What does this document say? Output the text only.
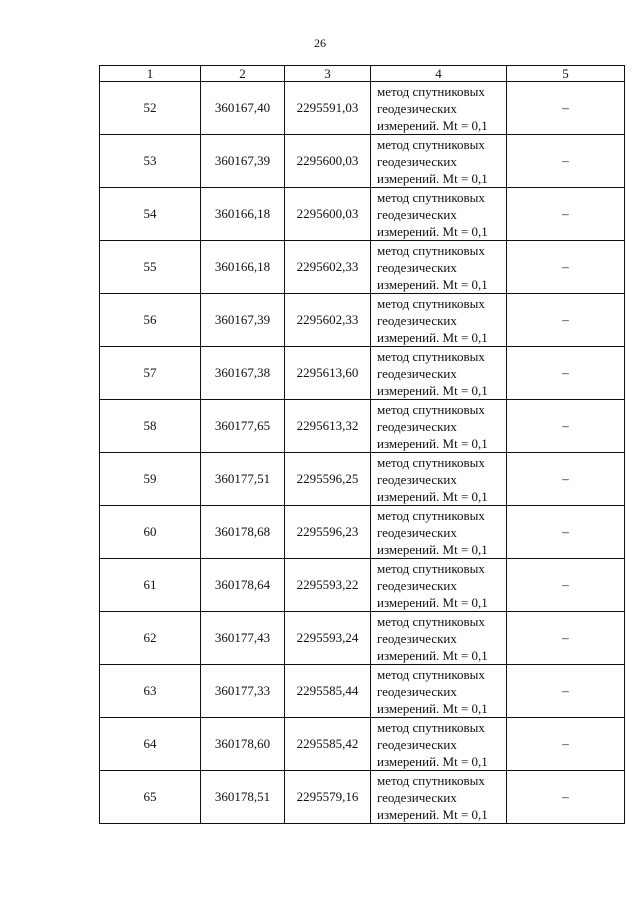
26
1	2	3	4	5
52	360167,40	2295591,03	метод спутниковых
геодезических
измерений. Mt = 0,1	–
53	360167,39	2295600,03	метод спутниковых
геодезических
измерений. Mt = 0,1	–
54	360166,18	2295600,03	метод спутниковых
геодезических
измерений. Mt = 0,1	–
55	360166,18	2295602,33	метод спутниковых
геодезических
измерений. Mt = 0,1	–
56	360167,39	2295602,33	метод спутниковых
геодезических
измерений. Mt = 0,1	–
57	360167,38	2295613,60	метод спутниковых
геодезических
измерений. Mt = 0,1	–
58	360177,65	2295613,32	метод спутниковых
геодезических
измерений. Mt = 0,1	–
59	360177,51	2295596,25	метод спутниковых
геодезических
измерений. Mt = 0,1	–
60	360178,68	2295596,23	метод спутниковых
геодезических
измерений. Mt = 0,1	–
61	360178,64	2295593,22	метод спутниковых
геодезических
измерений. Mt = 0,1	–
62	360177,43	2295593,24	метод спутниковых
геодезических
измерений. Mt = 0,1	–
63	360177,33	2295585,44	метод спутниковых
геодезических
измерений. Mt = 0,1	–
64	360178,60	2295585,42	метод спутниковых
геодезических
измерений. Mt = 0,1	–
65	360178,51	2295579,16	метод спутниковых
геодезических
измерений. Mt = 0,1	–
